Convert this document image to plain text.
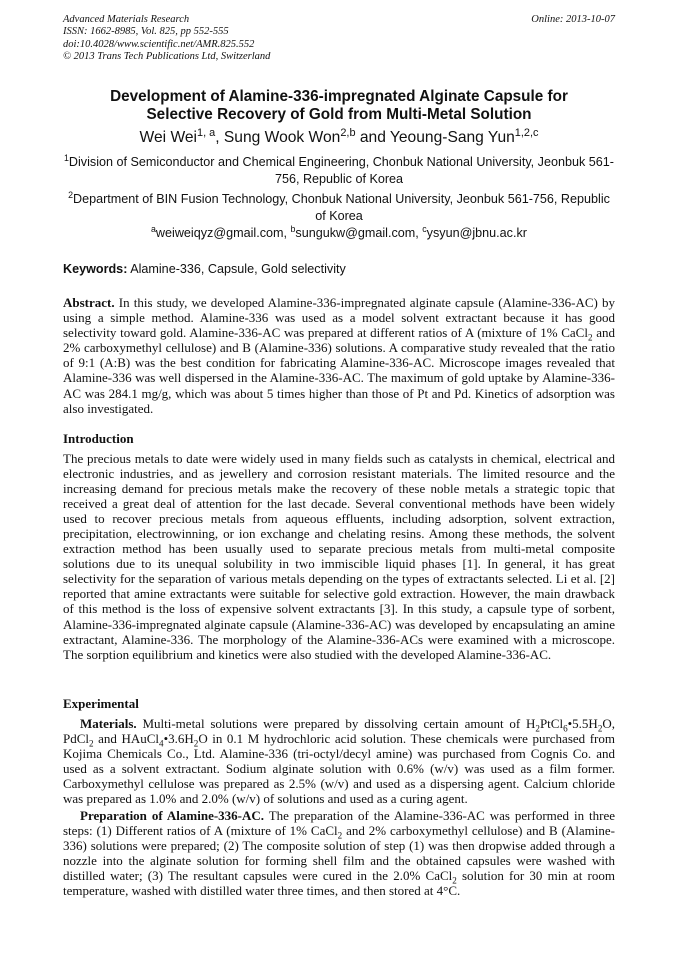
Advanced Materials Research
ISSN: 1662-8985, Vol. 825, pp 552-555
doi:10.4028/www.scientific.net/AMR.825.552
© 2013 Trans Tech Publications Ltd, Switzerland
Online: 2013-10-07
Development of Alamine-336-impregnated Alginate Capsule for
Selective Recovery of Gold from Multi-Metal Solution
Wei Wei$^{1, a}$, Sung Wook Won$^{2,b}$ and Yeoung-Sang Yun$^{1,2,c}$
$^1$Division of Semiconductor and Chemical Engineering, Chonbuk National University, Jeonbuk 561-756, Republic of Korea
$^2$Department of BIN Fusion Technology, Chonbuk National University, Jeonbuk 561-756, Republic of Korea
$^a$weiweiqyz@gmail.com, $^b$sungukw@gmail.com, $^c$ysyun@jbnu.ac.kr
Keywords: Alamine-336, Capsule, Gold selectivity
Abstract. In this study, we developed Alamine-336-impregnated alginate capsule (Alamine-336-AC) by using a simple method. Alamine-336 was used as a model solvent extractant because it has good selectivity toward gold. Alamine-336-AC was prepared at different ratios of A (mixture of 1% CaCl$_2$ and 2% carboxymethyl cellulose) and B (Alamine-336) solutions. A comparative study revealed that the ratio of 9:1 (A:B) was the best condition for fabricating Alamine-336-AC. Microscope images revealed that Alamine-336 was well dispersed in the Alamine-336-AC. The maximum of gold uptake by Alamine-336-AC was 284.1 mg/g, which was about 5 times higher than those of Pt and Pd. Kinetics of adsorption was also investigated.
Introduction
The precious metals to date were widely used in many fields such as catalysts in chemical, electrical and electronic industries, and as jewellery and corrosion resistant materials. The limited resource and the increasing demand for precious metals make the recovery of these noble metals a strategic topic that received a great deal of attention for the last decade. Several conventional methods have been widely used to recover precious metals from aqueous effluents, including adsorption, solvent extraction, precipitation, electrowinning, or ion exchange and chelating resins. Among these methods, the solvent extraction method has been usually used to separate precious metals from multi-metal composite solutions due to its unequal solubility in two immiscible liquid phases [1]. In general, it has great selectivity for the separation of various metals depending on the types of extractants selected. Li et al. [2] reported that amine extractants were suitable for selective gold extraction. However, the main drawback of this method is the loss of expensive solvent extractants [3]. In this study, a capsule type of sorbent, Alamine-336-impregnated alginate capsule (Alamine-336-AC) was developed by encapsulating an amine extractant, Alamine-336. The morphology of the Alamine-336-ACs were examined with a microscope. The sorption equilibrium and kinetics were also studied with the developed Alamine-336-AC.
Experimental
Materials. Multi-metal solutions were prepared by dissolving certain amount of $H_2PtCl_6•5.5H_2O$, PdCl$_2$ and $HAuCl_4•3.6H_2O$ in 0.1 M hydrochloric acid solution. These chemicals were purchased from Kojima Chemicals Co., Ltd. Alamine-336 (tri-octyl/decyl amine) was purchased from Cognis Co. and used as a solvent extractant. Sodium alginate solution with 0.6% (w/v) was used as a film former. Carboxymethyl cellulose was prepared as 2.5% (w/v) and used as a dispersing agent. Calcium chloride was prepared as 1.0% and 2.0% (w/v) of solutions and used as a curing agent.
Preparation of Alamine-336-AC. The preparation of the Alamine-336-AC was performed in three steps: (1) Different ratios of A (mixture of 1% CaCl$_2$ and 2% carboxymethyl cellulose) and B (Alamine-336) solutions were prepared; (2) The composite solution of step (1) was then dropwise added through a nozzle into the alginate solution for forming shell film and the obtained capsules were washed with distilled water; (3) The resultant capsules were cured in the 2.0% CaCl$_2$ solution for 30 min at room temperature, washed with distilled water three times, and then stored at 4°C.
